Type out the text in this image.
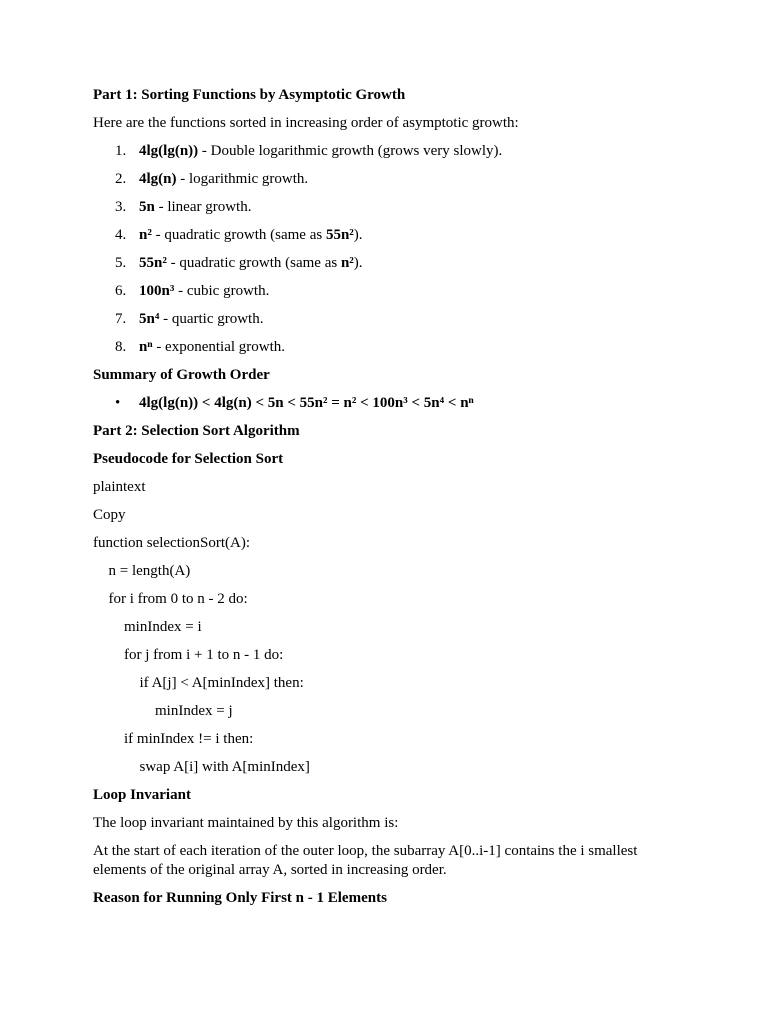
Part 1: Sorting Functions by Asymptotic Growth

Here are the functions sorted in increasing order of asymptotic growth:

1. 4lg(lg(n)) - Double logarithmic growth (grows very slowly).
2. 4lg(n) - logarithmic growth.
3. 5n - linear growth.
4. n² - quadratic growth (same as 55n²).
5. 55n² - quadratic growth (same as n²).
6. 100n³ - cubic growth.
7. 5n⁴ - quartic growth.
8. nⁿ - exponential growth.

Summary of Growth Order

• 4lg(lg(n)) < 4lg(n) < 5n < 55n² = n² < 100n³ < 5n⁴ < nⁿ

Part 2: Selection Sort Algorithm

Pseudocode for Selection Sort

plaintext

Copy

function selectionSort(A):
n = length(A)
for i from 0 to n - 2 do:
minIndex = i
for j from i + 1 to n - 1 do:
if A[j] < A[minIndex] then:
minIndex = j
if minIndex != i then:
swap A[i] with A[minIndex]

Loop Invariant

The loop invariant maintained by this algorithm is:

At the start of each iteration of the outer loop, the subarray A[0..i-1] contains the i smallest elements of the original array A, sorted in increasing order.

Reason for Running Only First n - 1 Elements
